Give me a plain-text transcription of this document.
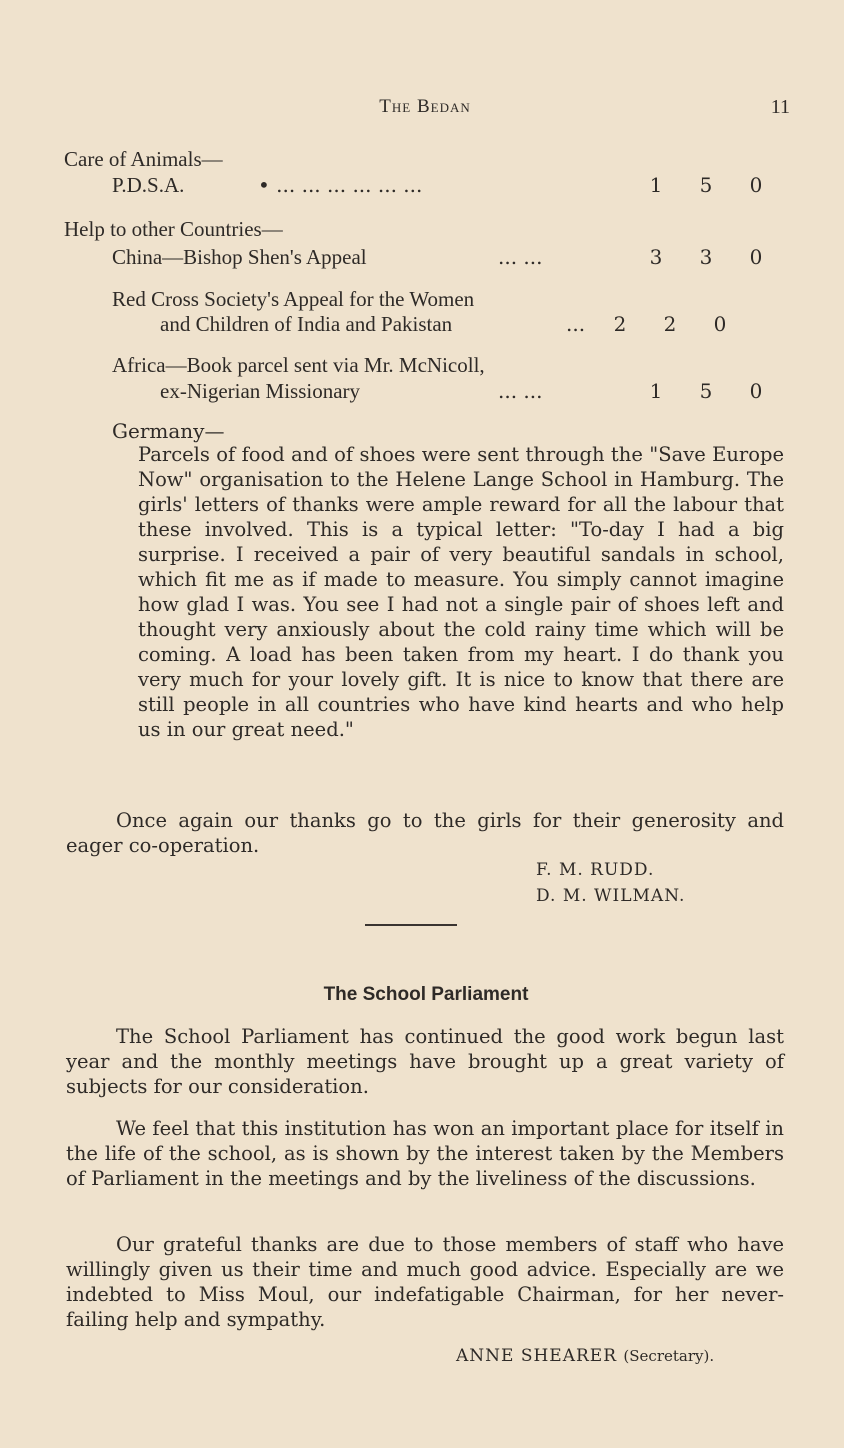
The Bedan	11
Care of Animals—
P.D.S.A.	• ... ... ... ... ... ...	1 5 0
Help to other Countries—
China—Bishop Shen's Appeal	... ...	3 3 0
Red Cross Society's Appeal for the Women
and Children of India and Pakistan	... 2 2 0
Africa—Book parcel sent via Mr. McNicoll,
ex-Nigerian Missionary	... ...	1 5 0
Germany—

Parcels of food and of shoes were sent through the "Save Europe Now" organisation to the Helene Lange School in Hamburg. The girls' letters of thanks were ample reward for all the labour that these involved. This is a typical letter: "To-day I had a big surprise. I received a pair of very beautiful sandals in school, which fit me as if made to measure. You simply cannot imagine how glad I was. You see I had not a single pair of shoes left and thought very anxiously about the cold rainy time which will be coming. A load has been taken from my heart. I do thank you very much for your lovely gift. It is nice to know that there are still people in all countries who have kind hearts and who help us in our great need."

Once again our thanks go to the girls for their generosity and eager co-operation.
F. M. RUDD.
D. M. WILMAN.
The School Parliament
The School Parliament has continued the good work begun last year and the monthly meetings have brought up a great variety of subjects for our consideration.
We feel that this institution has won an important place for itself in the life of the school, as is shown by the interest taken by the Members of Parliament in the meetings and by the liveliness of the discussions.
Our grateful thanks are due to those members of staff who have willingly given us their time and much good advice. Especially are we indebted to Miss Moul, our indefatigable Chairman, for her never-failing help and sympathy.
ANNE SHEARER (Secretary).
